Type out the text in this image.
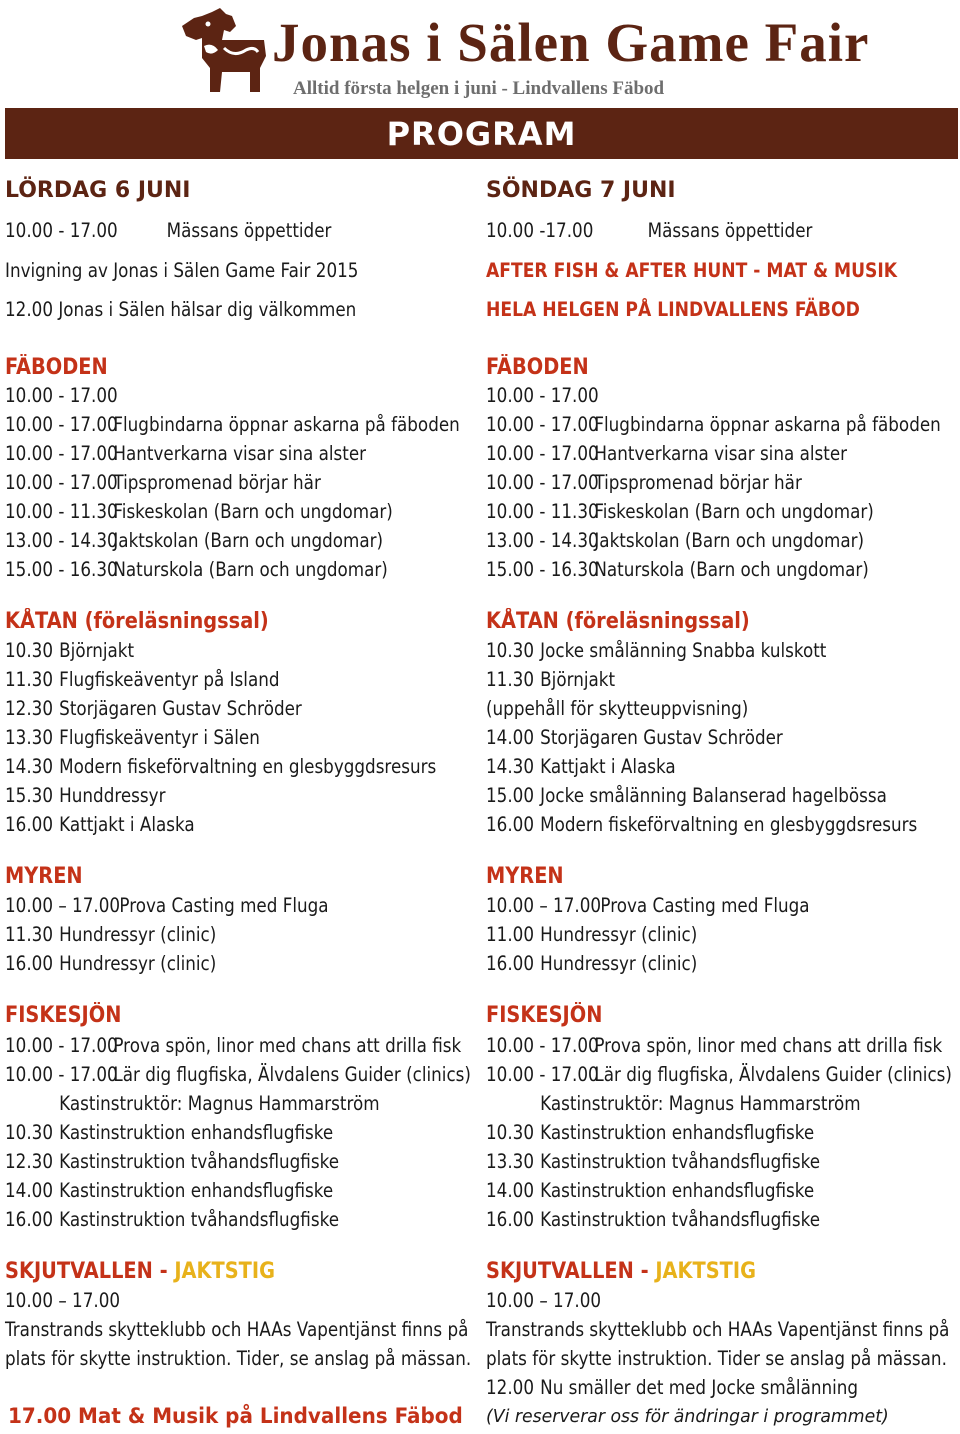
Jonas i Sälen Game Fair
Alltid första helgen i juni - Lindvallens Fäbod
PROGRAM
LÖRDAG 6 JUNI
10.00 - 17.00	Mässans öppettider
Invigning av Jonas i Sälen Game Fair 2015
12.00 Jonas i Sälen hälsar dig välkommen
FÄBODEN
10.00 - 17.00
10.00 - 17.00Flugbindarna öppnar askarna på fäboden
10.00 - 17.00Hantverkarna visar sina alster
10.00 - 17.00Tipspromenad börjar här
10.00 - 11.30Fiskeskolan (Barn och ungdomar)
13.00 - 14.30Jaktskolan (Barn och ungdomar)
15.00 - 16.30Naturskola (Barn och ungdomar)
KÅTAN (föreläsningssal)
10.30 Björnjakt
11.30 Flugfiskeäventyr på Island
12.30 Storjägaren Gustav Schröder
13.30 Flugfiskeäventyr i Sälen
14.30 Modern fiskeförvaltning en glesbyggdsresurs
15.30 Hunddressyr
16.00 Kattjakt i Alaska
MYREN
10.00 – 17.00Prova Casting med Fluga
11.30 Hundressyr (clinic)
16.00 Hundressyr (clinic)
FISKESJÖN
10.00 - 17.00Prova spön, linor med chans att drilla fisk
10.00 - 17.00Lär dig flugfiska, Älvdalens Guider (clinics)
Kastinstruktör: Magnus Hammarström
10.30 Kastinstruktion enhandsflugfiske
12.30 Kastinstruktion tvåhandsflugfiske
14.00 Kastinstruktion enhandsflugfiske
16.00 Kastinstruktion tvåhandsflugfiske
SKJUTVALLEN - JAKTSTIG
10.00 – 17.00
Transtrands skytteklubb och HAAs Vapentjänst finns på
plats för skytte instruktion. Tider, se anslag på mässan.
SÖNDAG 7 JUNI
10.00 -17.00	Mässans öppettider
AFTER FISH & AFTER HUNT - MAT & MUSIK
HELA HELGEN PÅ LINDVALLENS FÄBOD
FÄBODEN
10.00 - 17.00
10.00 - 17.00Flugbindarna öppnar askarna på fäboden
10.00 - 17.00Hantverkarna visar sina alster
10.00 - 17.00Tipspromenad börjar här
10.00 - 11.30Fiskeskolan (Barn och ungdomar)
13.00 - 14.30Jaktskolan (Barn och ungdomar)
15.00 - 16.30Naturskola (Barn och ungdomar)
KÅTAN (föreläsningssal)
10.30 Jocke smålänning Snabba kulskott
11.30 Björnjakt
(uppehåll för skytteuppvisning)
14.00 Storjägaren Gustav Schröder
14.30 Kattjakt i Alaska
15.00 Jocke smålänning Balanserad hagelbössa
16.00 Modern fiskeförvaltning en glesbyggdsresurs
MYREN
10.00 – 17.00Prova Casting med Fluga
11.00 Hundressyr (clinic)
16.00 Hundressyr (clinic)
FISKESJÖN
10.00 - 17.00Prova spön, linor med chans att drilla fisk
10.00 - 17.00Lär dig flugfiska, Älvdalens Guider (clinics)
Kastinstruktör: Magnus Hammarström
10.30 Kastinstruktion enhandsflugfiske
13.30 Kastinstruktion tvåhandsflugfiske
14.00 Kastinstruktion enhandsflugfiske
16.00 Kastinstruktion tvåhandsflugfiske
SKJUTVALLEN - JAKTSTIG
10.00 – 17.00
Transtrands skytteklubb och HAAs Vapentjänst finns på
plats för skytte instruktion. Tider se anslag på mässan.
12.00 Nu smäller det med Jocke smålänning
17.00 Mat & Musik på Lindvallens Fäbod (Vi reserverar oss för ändringar i programmet)
